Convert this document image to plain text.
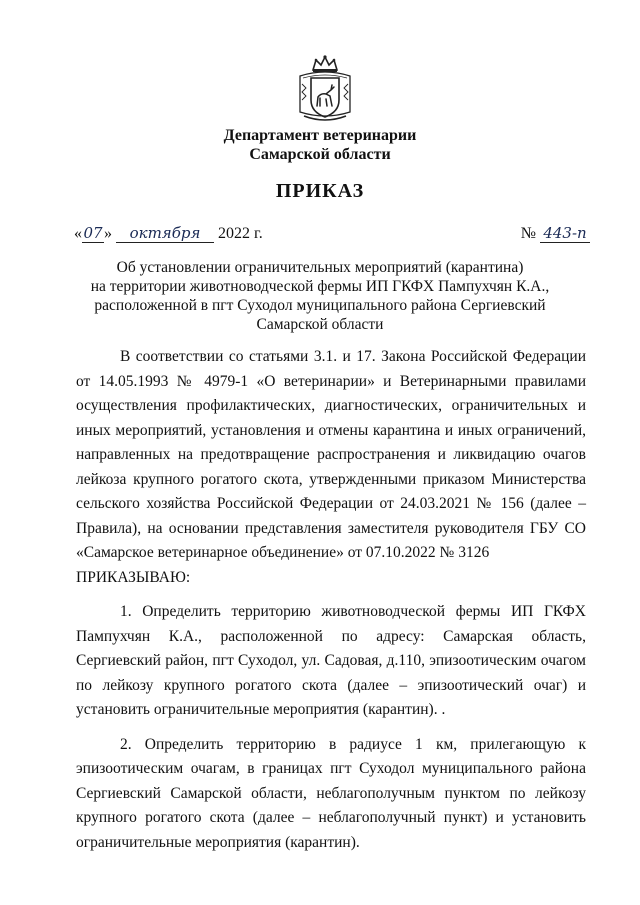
Департамент ветеринарии
Самарской области
ПРИКАЗ
«07» октября 2022 г.	№ 443-п
Об установлении ограничительных мероприятий (карантина)
на территории животноводческой фермы ИП ГКФХ Пампухчян К.А.,
расположенной в пгт Суходол муниципального района Сергиевский
Самарской области

В соответствии со статьями 3.1. и 17. Закона Российской Федерации от 14.05.1993 № 4979-1 «О ветеринарии» и Ветеринарными правилами осуществления профилактических, диагностических, ограничительных и иных мероприятий, установления и отмены карантина и иных ограничений, направленных на предотвращение распространения и ликвидацию очагов лейкоза крупного рогатого скота, утвержденными приказом Министерства сельского хозяйства Российской Федерации от 24.03.2021 № 156 (далее – Правила), на основании представления заместителя руководителя ГБУ СО «Самарское ветеринарное объединение» от 07.10.2022 № 3126

ПРИКАЗЫВАЮ:

1. Определить территорию животноводческой фермы ИП ГКФХ Пампухчян К.А., расположенной по адресу: Самарская область, Сергиевский район, пгт Суходол, ул. Садовая, д.110, эпизоотическим очагом по лейкозу крупного рогатого скота (далее – эпизоотический очаг) и установить ограничительные мероприятия (карантин). .

2. Определить территорию в радиусе 1 км, прилегающую к эпизоотическим очагам, в границах пгт Суходол муниципального района Сергиевский Самарской области, неблагополучным пунктом по лейкозу крупного рогатого скота (далее – неблагополучный пункт) и установить ограничительные мероприятия (карантин).
